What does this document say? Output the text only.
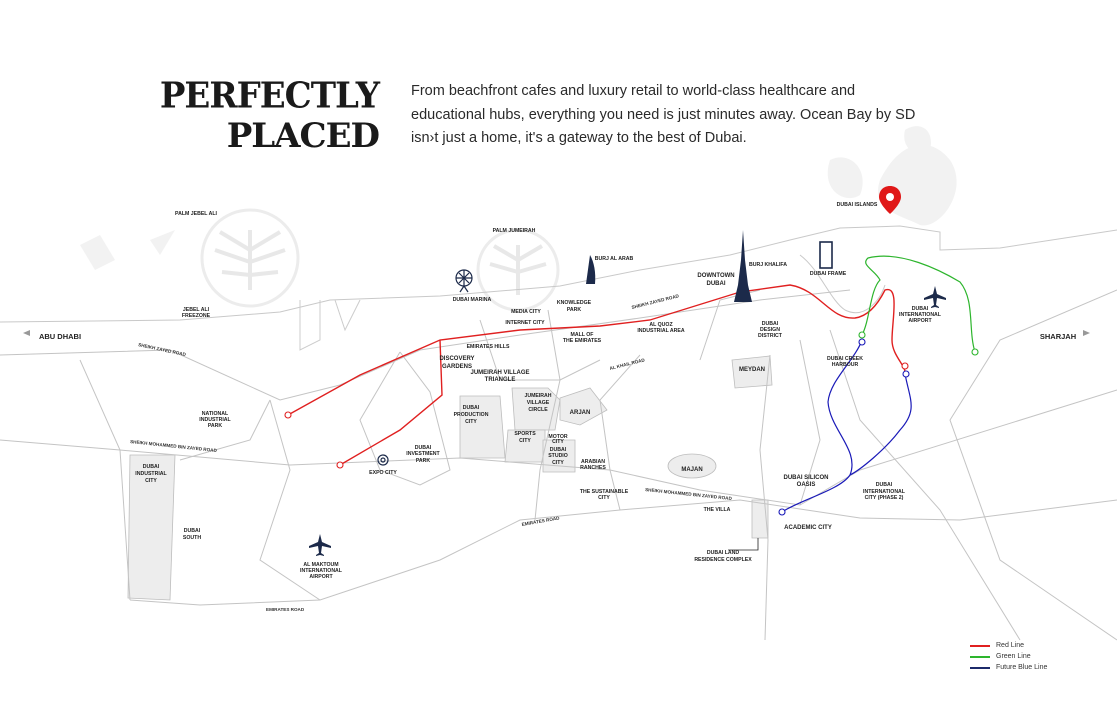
PERFECTLY
PLACED
From beachfront cafes and luxury retail to world-class healthcare and educational hubs, everything you need is just minutes away. Ocean Bay by SD isn›t just a home, it's a gateway to the best of Dubai.
PALM JEBEL ALI
PALM JUMEIRAH
BURJ AL ARAB
DUBAI MARINA
MEDIA CITY
KNOWLEDGE
PARK
DOWNTOWN
DUBAI
BURJ KHALIFA
DUBAI FRAME
DUBAI ISLANDS
JEBEL ALI
FREEZONE
INTERNET CITY	AL QUOZ
INDUSTRIAL AREA
MALL OF
THE EMIRATES
DUBAI
DESIGN
DISTRICT
DUBAI
INTERNATIONAL
AIRPORT
ABU DHABI	SHARJAH
EMIRATES HILLS
DISCOVERY
GARDENS
JUMEIRAH VILLAGE
TRIANGLE
DUBAI CREEK
HARBOUR
MEYDAN
NATIONAL
INDUSTRIAL
PARK
DUBAI
PRODUCTION
CITY
JUMEIRAH
VILLAGE
CIRCLE	ARJAN
SPORTS
CITY
MOTOR
CITY
DUBAI
STUDIO
CITY	ARABIAN
RANCHES
DUBAI
INVESTMENT
PARK
EXPO CITY
DUBAI
INDUSTRIAL
CITY
MAJAN
DUBAI SILICON
OASIS	DUBAI
INTERNATIONAL
CITY (PHASE 2)
THE SUSTAINABLE
CITY
THE VILLA
ACADEMIC CITY
DUBAI
SOUTH
AL MAKTOUM
INTERNATIONAL
AIRPORT
DUBAI LAND
RESIDENCE COMPLEX
SHEIKH ZAYED ROAD
SHEIKH ZAYED ROAD
AL KHAIL ROAD
SHEIKH MOHAMMED BIN ZAYED ROAD
SHEIKH MOHAMMED BIN ZAYED ROAD
EMIRATES ROAD
EMIRATES ROAD
Red Line
Green Line
Future Blue Line
